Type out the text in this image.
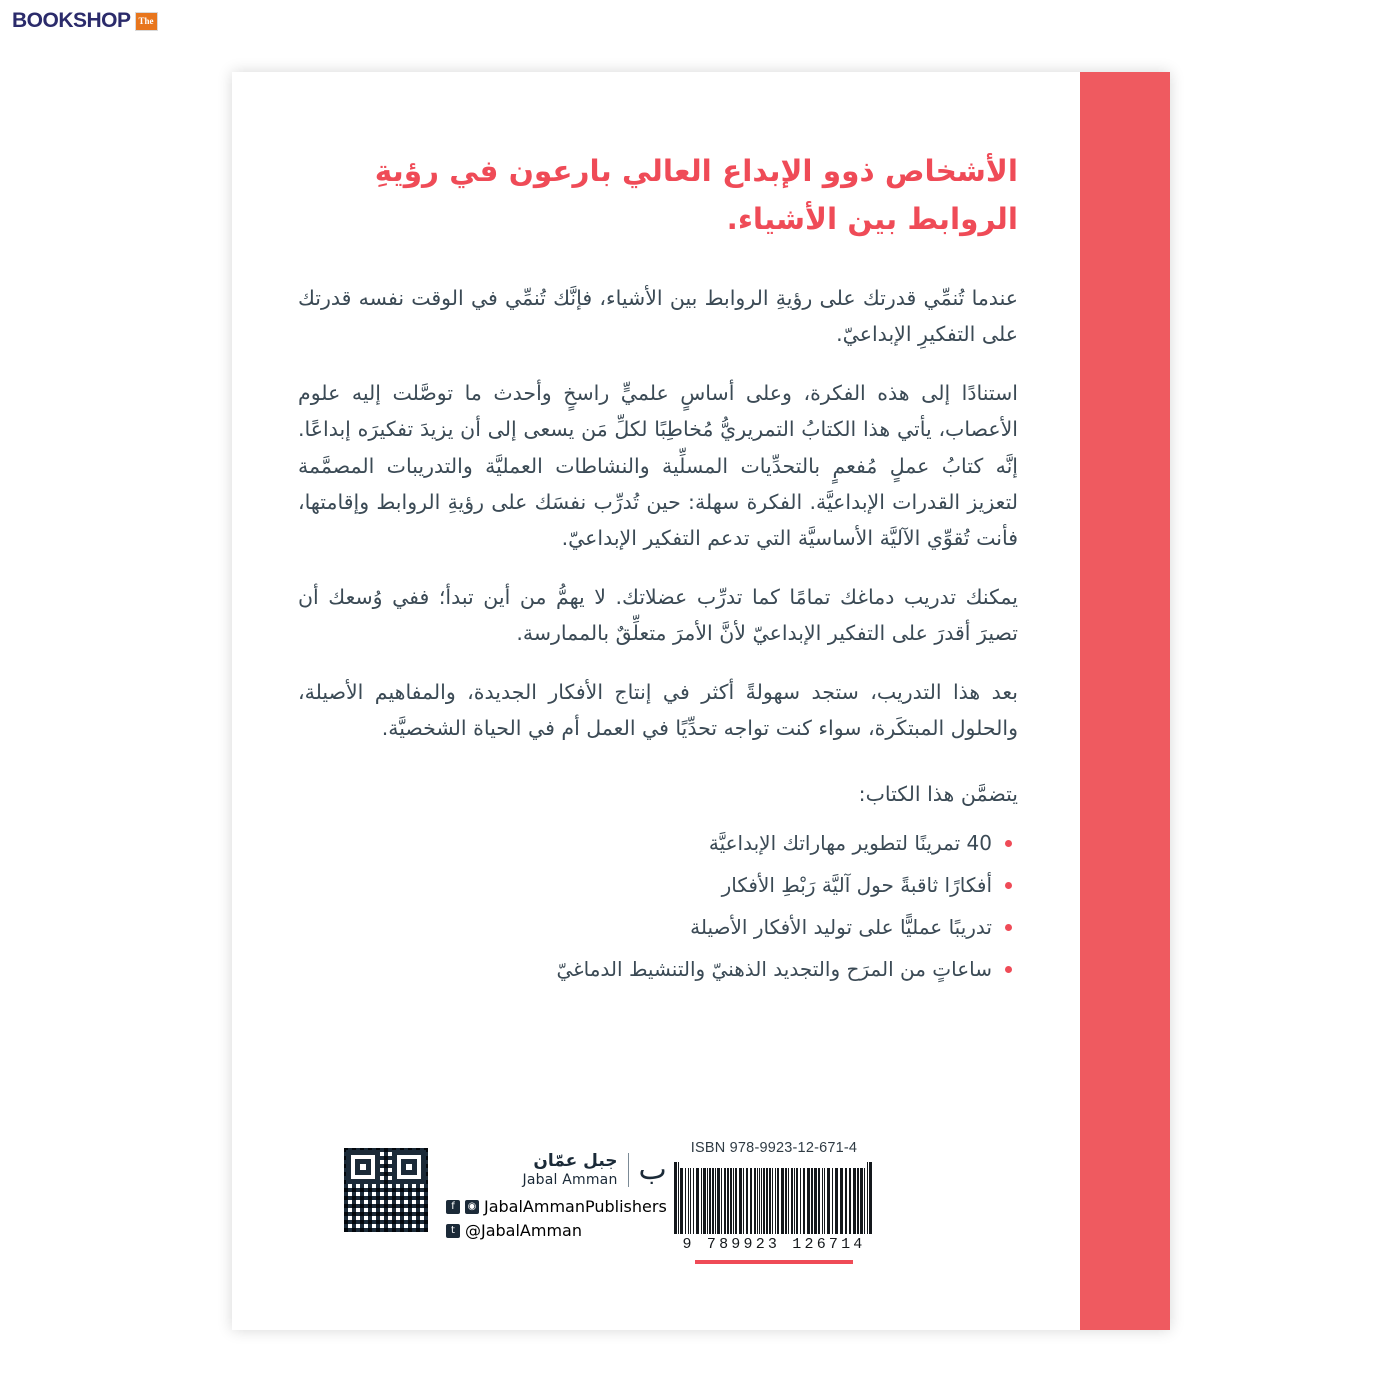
The
BOOKSHOP
الأشخاص ذوو الإبداع العالي بارعون في رؤيةِ الروابط بين الأشياء.

عندما تُنمِّي قدرتك على رؤيةِ الروابط بين الأشياء، فإنَّك تُنمِّي في الوقت نفسه قدرتك على التفكيرِ الإبداعيّ.

استنادًا إلى هذه الفكرة، وعلى أساسٍ علميٍّ راسخٍ وأحدث ما توصَّلت إليه علوم الأعصاب، يأتي هذا الكتابُ التمريريُّ مُخاطِبًا لكلِّ مَن يسعى إلى أن يزيدَ تفكيرَه إبداعًا. إنَّه كتابُ عملٍ مُفعمٍ بالتحدِّيات المسلِّية والنشاطات العمليَّة والتدريبات المصمَّمة لتعزيز القدرات الإبداعيَّة. الفكرة سهلة: حين تُدرِّب نفسَك على رؤيةِ الروابط وإقامتها، فأنت تُقوِّي الآليَّة الأساسيَّة التي تدعم التفكير الإبداعيّ.

يمكنك تدريب دماغك تمامًا كما تدرِّب عضلاتك. لا يهمُّ من أين تبدأ؛ ففي وُسعك أن تصيرَ أقدرَ على التفكير الإبداعيّ لأنَّ الأمرَ متعلِّقٌ بالممارسة.

بعد هذا التدريب، ستجد سهولةً أكثر في إنتاج الأفكار الجديدة، والمفاهيم الأصيلة، والحلول المبتكَرة، سواء كنت تواجه تحدِّيًا في العمل أم في الحياة الشخصيَّة.

يتضمَّن هذا الكتاب:
40 تمرينًا لتطوير مهاراتك الإبداعيَّة
أفكارًا ثاقبةً حول آليَّة رَبْطِ الأفكار
تدريبًا عمليًّا على توليد الأفكار الأصيلة
ساعاتٍ من المرَح والتجديد الذهنيّ والتنشيط الدماغيّ
ISBN 978-9923-12-671-4
9 789923 126714
جبل عمّان
Jabal Amman ب
f	◉ JabalAmmanPublishers
t @JabalAmman
